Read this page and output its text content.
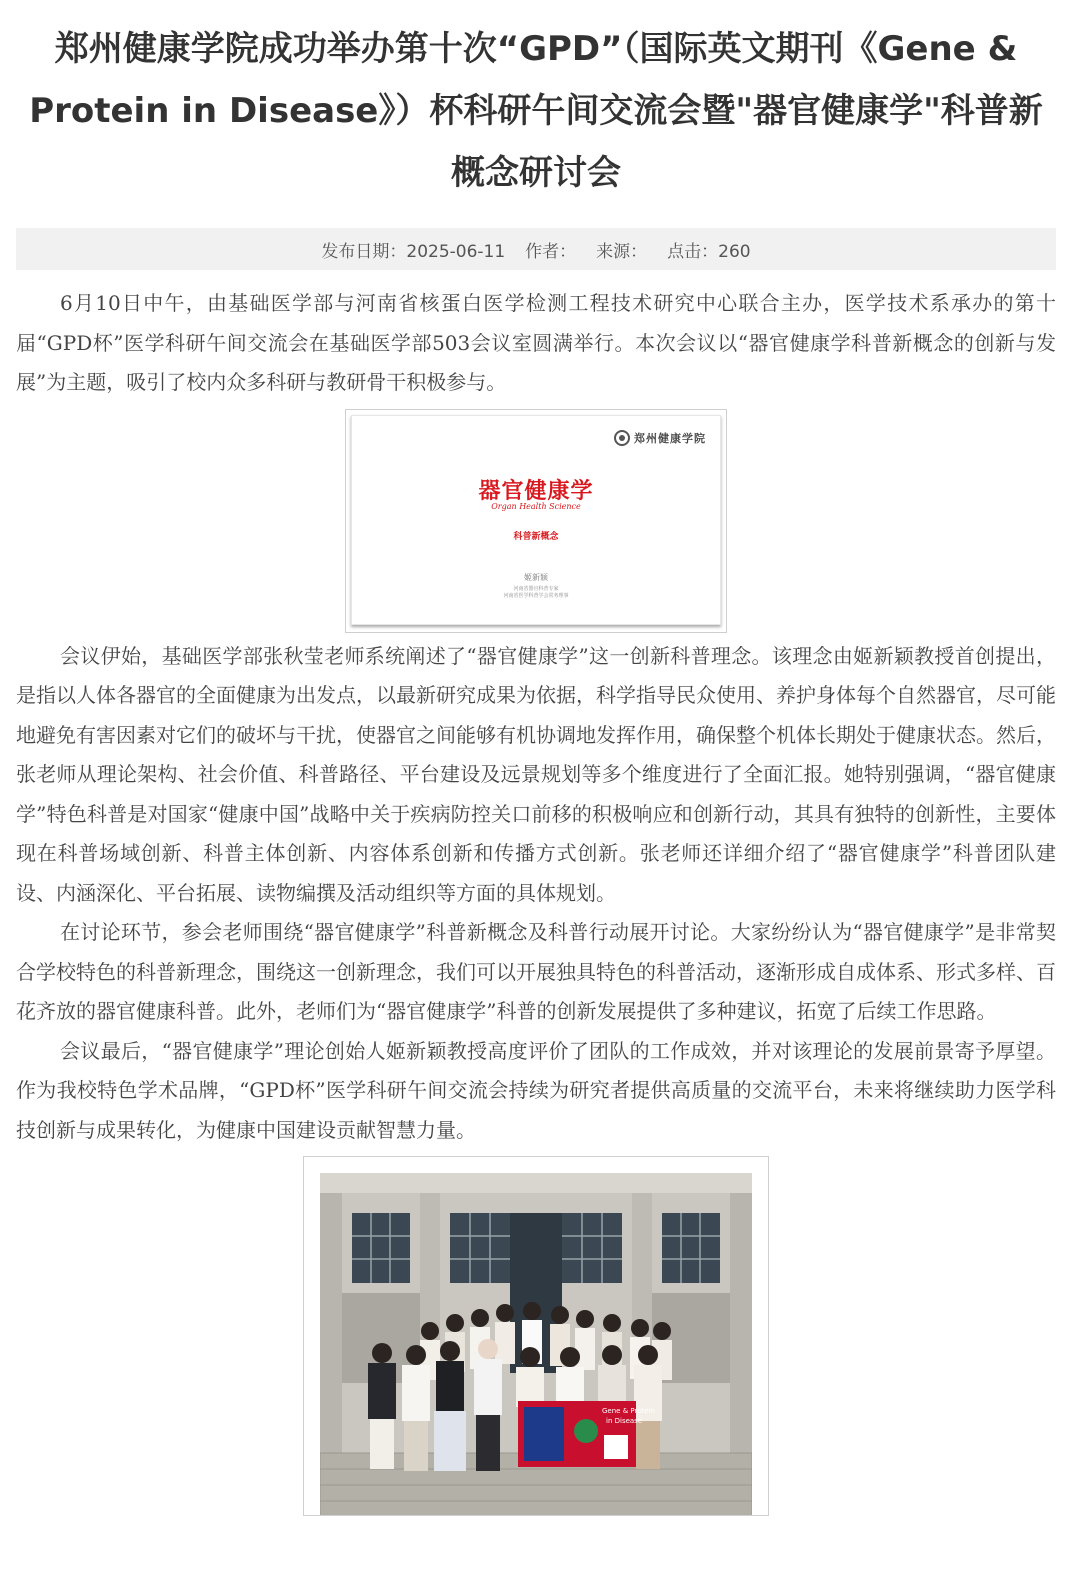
郑州健康学院成功举办第十次“GPD”（国际英文期刊《Gene & Protein in Disease》）杯科研午间交流会暨"器官健康学"科普新概念研讨会
发布日期：2025-06-11 作者： 来源： 点击：260

6月10日中午，由基础医学部与河南省核蛋白医学检测工程技术研究中心联合主办，医学技术系承办的第十届“GPD杯”医学科研午间交流会在基础医学部503会议室圆满举行。本次会议以“器官健康学科普新概念的创新与发展”为主题，吸引了校内众多科研与教研骨干积极参与。

郑州健康学院
器官健康学
Organ Health Science
科普新概念
姬新颖
河南省器官科普专家
河南省医学科普学会常务理事

会议伊始，基础医学部张秋莹老师系统阐述了“器官健康学”这一创新科普理念。该理念由姬新颖教授首创提出，是指以人体各器官的全面健康为出发点，以最新研究成果为依据，科学指导民众使用、养护身体每个自然器官，尽可能地避免有害因素对它们的破坏与干扰，使器官之间能够有机协调地发挥作用，确保整个机体长期处于健康状态。然后，张老师从理论架构、社会价值、科普路径、平台建设及远景规划等多个维度进行了全面汇报。她特别强调，“器官健康学”特色科普是对国家“健康中国”战略中关于疾病防控关口前移的积极响应和创新行动，其具有独特的创新性，主要体现在科普场域创新、科普主体创新、内容体系创新和传播方式创新。张老师还详细介绍了“器官健康学”科普团队建设、内涵深化、平台拓展、读物编撰及活动组织等方面的具体规划。

在讨论环节，参会老师围绕“器官健康学”科普新概念及科普行动展开讨论。大家纷纷认为“器官健康学”是非常契合学校特色的科普新理念，围绕这一创新理念，我们可以开展独具特色的科普活动，逐渐形成自成体系、形式多样、百花齐放的器官健康科普。此外，老师们为“器官健康学”科普的创新发展提供了多种建议，拓宽了后续工作思路。

会议最后，“器官健康学”理论创始人姬新颖教授高度评价了团队的工作成效，并对该理论的发展前景寄予厚望。作为我校特色学术品牌，“GPD杯”医学科研午间交流会持续为研究者提供高质量的交流平台，未来将继续助力医学科技创新与成果转化，为健康中国建设贡献智慧力量。

Gene & Protein
in Disease
